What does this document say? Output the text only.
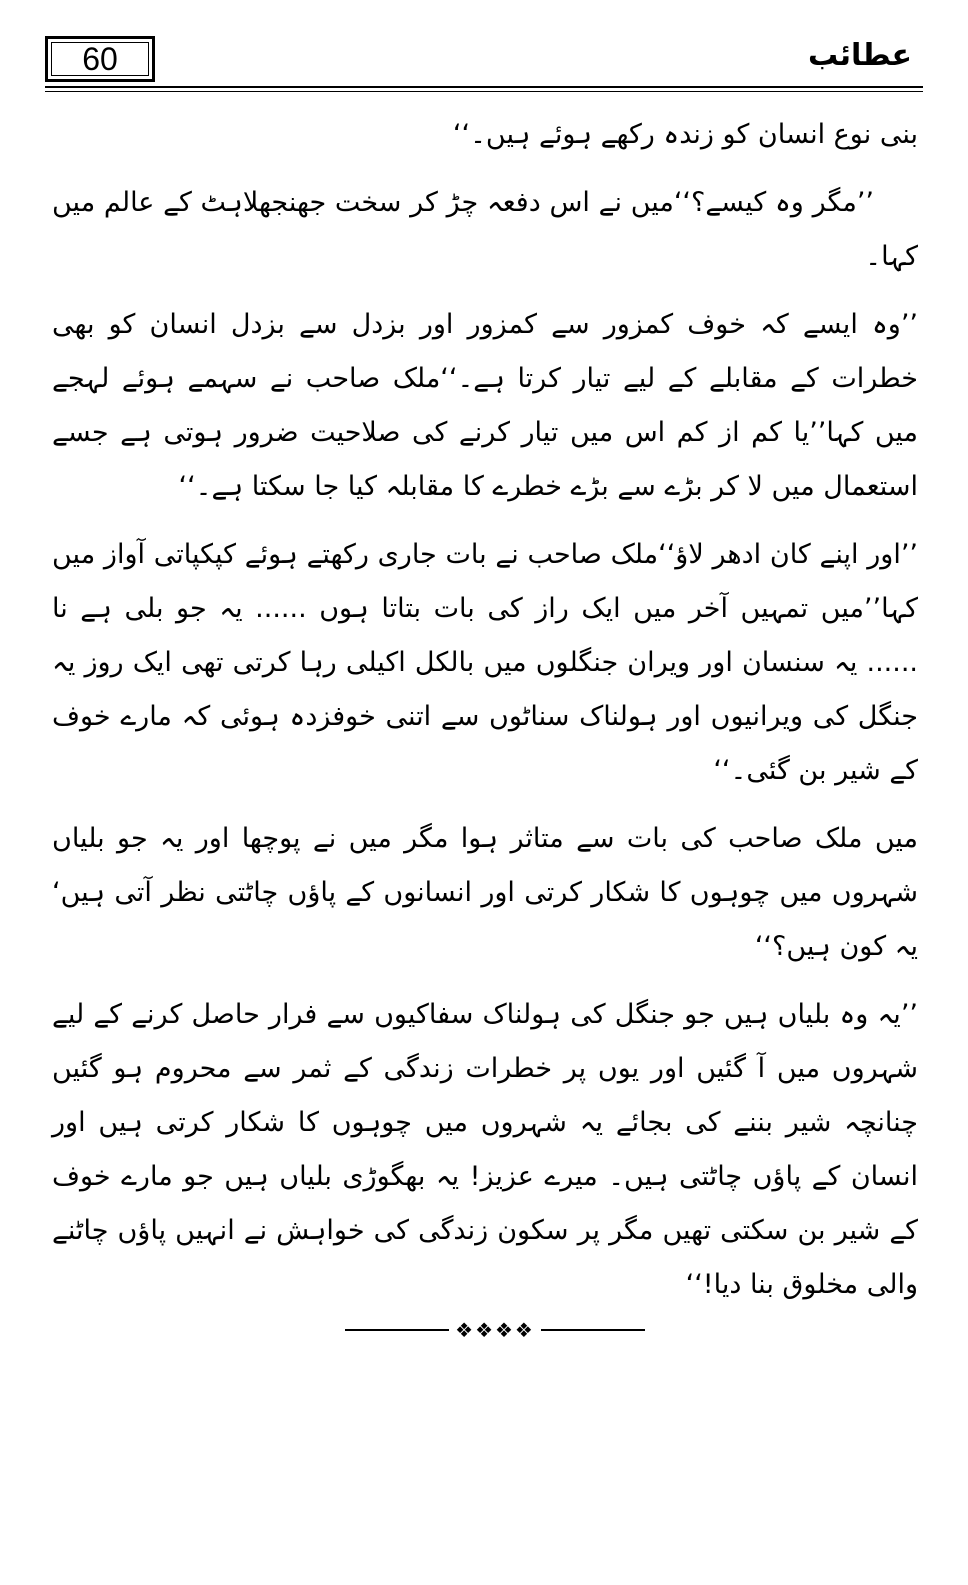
60	عطائب

بنی نوع انسان کو زندہ رکھے ہوئے ہیں۔‘‘

’’مگر وہ کیسے؟‘‘میں نے اس دفعہ چڑ کر سخت جھنجھلاہٹ کے عالم میں کہا۔

’’وہ ایسے کہ خوف کمزور سے کمزور اور بزدل سے بزدل انسان کو بھی خطرات کے مقابلے کے لیے تیار کرتا ہے۔‘‘ملک صاحب نے سہمے ہوئے لہجے میں کہا’’یا کم از کم اس میں تیار کرنے کی صلاحیت ضرور ہوتی ہے جسے استعمال میں لا کر بڑے سے بڑے خطرے کا مقابلہ کیا جا سکتا ہے۔‘‘

’’اور اپنے کان ادھر لاؤ‘‘ملک صاحب نے بات جاری رکھتے ہوئے کپکپاتی آواز میں کہا’’میں تمہیں آخر میں ایک راز کی بات بتاتا ہوں ...... یہ جو بلی ہے نا ...... یہ سنسان اور ویران جنگلوں میں بالکل اکیلی رہا کرتی تھی ایک روز یہ جنگل کی ویرانیوں اور ہولناک سناٹوں سے اتنی خوفزدہ ہوئی کہ مارے خوف کے شیر بن گئی۔‘‘

میں ملک صاحب کی بات سے متاثر ہوا مگر میں نے پوچھا اور یہ جو بلیاں شہروں میں چوہوں کا شکار کرتی اور انسانوں کے پاؤں چاٹتی نظر آتی ہیں‘ یہ کون ہیں؟‘‘

’’یہ وہ بلیاں ہیں جو جنگل کی ہولناک سفاکیوں سے فرار حاصل کرنے کے لیے شہروں میں آ گئیں اور یوں پر خطرات زندگی کے ثمر سے محروم ہو گئیں چنانچہ شیر بننے کی بجائے یہ شہروں میں چوہوں کا شکار کرتی ہیں اور انسان کے پاؤں چاٹتی ہیں۔ میرے عزیز! یہ بھگوڑی بلیاں ہیں جو مارے خوف کے شیر بن سکتی تھیں مگر پر سکون زندگی کی خواہش نے انہیں پاؤں چاٹنے والی مخلوق بنا دیا!‘‘

❖❖❖❖
